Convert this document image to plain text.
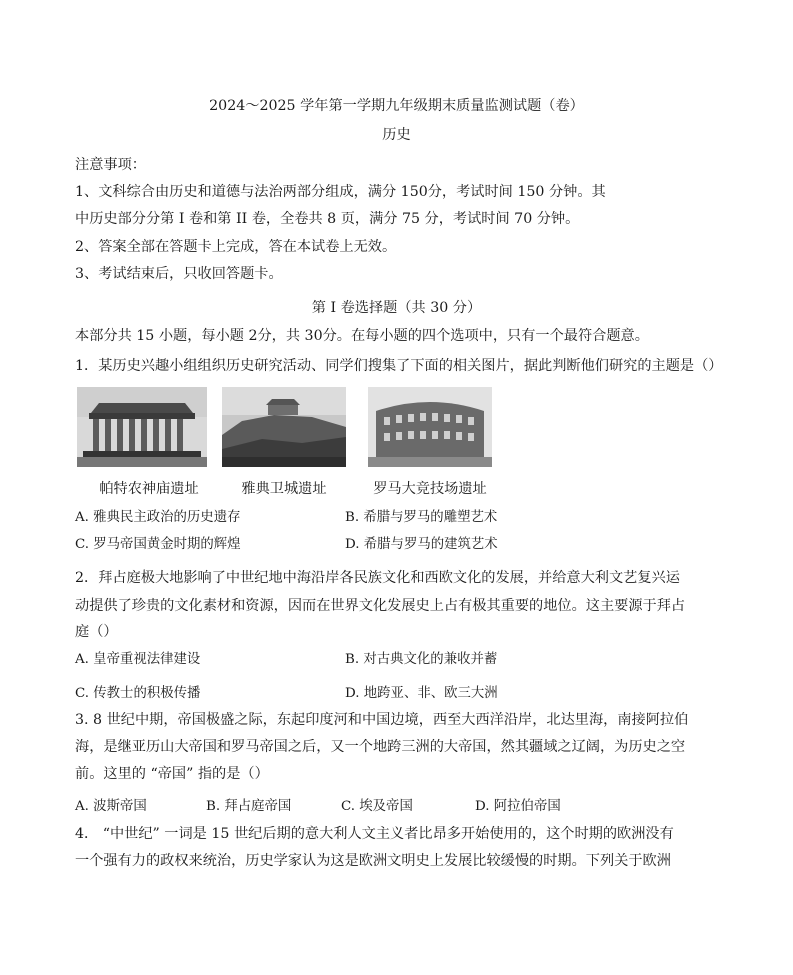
2024～2025 学年第一学期九年级期末质量监测试题（卷）
历史
注意事项：
1、文科综合由历史和道德与法治两部分组成，满分 150分，考试时间 150 分钟。其
中历史部分分第 I 卷和第 II 卷，全卷共 8 页，满分 75 分，考试时间 70 分钟。
2、答案全部在答题卡上完成，答在本试卷上无效。
3、考试结束后，只收回答题卡。
第 I 卷选择题（共 30 分）
本部分共 15 小题，每小题 2分，共 30分。在每小题的四个选项中，只有一个最符合题意。
1．某历史兴趣小组组织历史研究活动、同学们搜集了下面的相关图片，据此判断他们研究的主题是（）
帕特农神庙遗址	雅典卫城遗址	罗马大竞技场遗址
A. 雅典民主政治的历史遗存	B. 希腊与罗马的雕塑艺术
C. 罗马帝国黄金时期的辉煌	D. 希腊与罗马的建筑艺术
2．拜占庭极大地影响了中世纪地中海沿岸各民族文化和西欧文化的发展，并给意大利文艺复兴运
动提供了珍贵的文化素材和资源，因而在世界文化发展史上占有极其重要的地位。这主要源于拜占
庭（）
A. 皇帝重视法律建设	B. 对古典文化的兼收并蓄
C. 传教士的积极传播	D. 地跨亚、非、欧三大洲
3. 8 世纪中期，帝国极盛之际，东起印度河和中国边境，西至大西洋沿岸，北达里海，南接阿拉伯
海，是继亚历山大帝国和罗马帝国之后，又一个地跨三洲的大帝国，然其疆域之辽阔，为历史之空
前。这里的 “帝国” 指的是（）
A. 波斯帝国	B. 拜占庭帝国	C. 埃及帝国	D. 阿拉伯帝国
4． “中世纪” 一词是 15 世纪后期的意大利人文主义者比昂多开始使用的，这个时期的欧洲没有
一个强有力的政权来统治，历史学家认为这是欧洲文明史上发展比较缓慢的时期。下列关于欧洲
